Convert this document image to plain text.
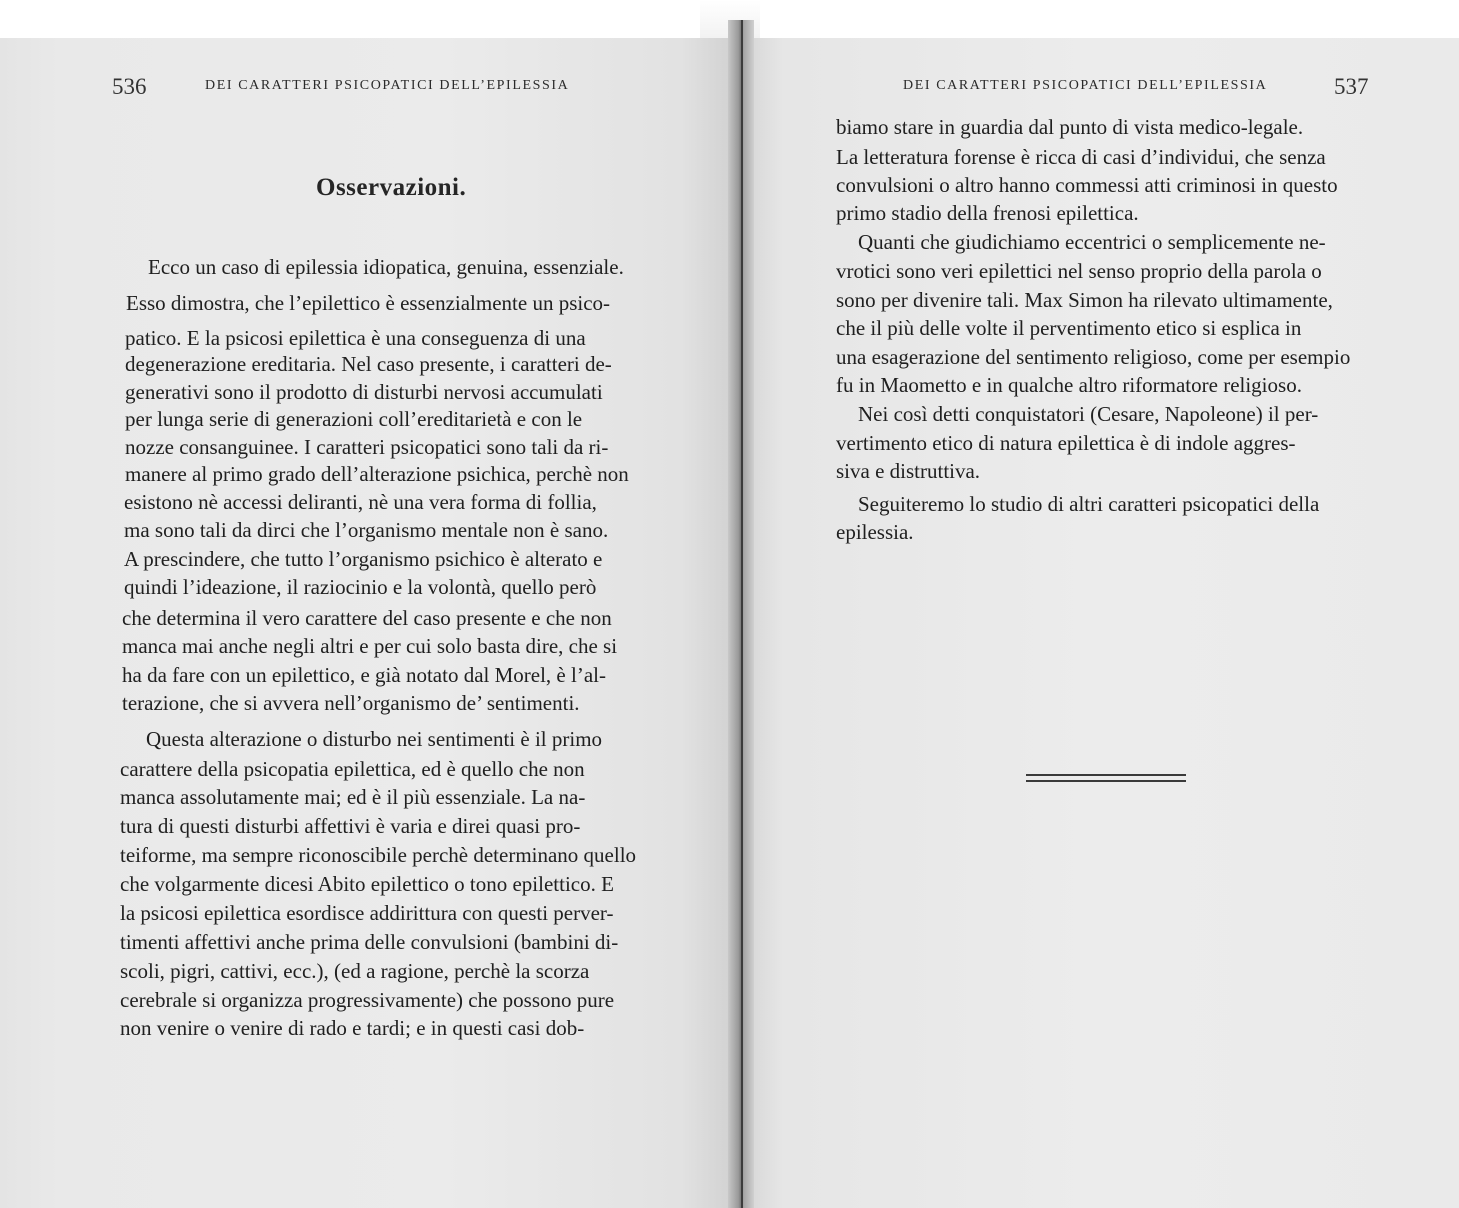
536	DEI CARATTERI PSICOPATICI DELL’EPILESSIA
Osservazioni.
Ecco un caso di epilessia idiopatica, genuina, essenziale.
Esso dimostra, che l’epilettico è essenzialmente un psico-
patico. E la psicosi epilettica è una conseguenza di una
degenerazione ereditaria. Nel caso presente, i caratteri de-
generativi sono il prodotto di disturbi nervosi accumulati
per lunga serie di generazioni coll’ereditarietà e con le
nozze consanguinee. I caratteri psicopatici sono tali da ri-
manere al primo grado dell’alterazione psichica, perchè non
esistono nè accessi deliranti, nè una vera forma di follia,
ma sono tali da dirci che l’organismo mentale non è sano.
A prescindere, che tutto l’organismo psichico è alterato e
quindi l’ideazione, il raziocinio e la volontà, quello però
che determina il vero carattere del caso presente e che non
manca mai anche negli altri e per cui solo basta dire, che si
ha da fare con un epilettico, e già notato dal Morel, è l’al-
terazione, che si avvera nell’organismo de’ sentimenti.
Questa alterazione o disturbo nei sentimenti è il primo
carattere della psicopatia epilettica, ed è quello che non
manca assolutamente mai; ed è il più essenziale. La na-
tura di questi disturbi affettivi è varia e direi quasi pro-
teiforme, ma sempre riconoscibile perchè determinano quello
che volgarmente dicesi Abito epilettico o tono epilettico. E
la psicosi epilettica esordisce addirittura con questi perver-
timenti affettivi anche prima delle convulsioni (bambini di-
scoli, pigri, cattivi, ecc.), (ed a ragione, perchè la scorza
cerebrale si organizza progressivamente) che possono pure
non venire o venire di rado e tardi; e in questi casi dob-
DEI CARATTERI PSICOPATICI DELL’EPILESSIA	537
biamo stare in guardia dal punto di vista medico-legale.
La letteratura forense è ricca di casi d’individui, che senza
convulsioni o altro hanno commessi atti criminosi in questo
primo stadio della frenosi epilettica.
Quanti che giudichiamo eccentrici o semplicemente ne-
vrotici sono veri epilettici nel senso proprio della parola o
sono per divenire tali. Max Simon ha rilevato ultimamente,
che il più delle volte il perventimento etico si esplica in
una esagerazione del sentimento religioso, come per esempio
fu in Maometto e in qualche altro riformatore religioso.
Nei così detti conquistatori (Cesare, Napoleone) il per-
vertimento etico di natura epilettica è di indole aggres-
siva e distruttiva.
Seguiteremo lo studio di altri caratteri psicopatici della
epilessia.
